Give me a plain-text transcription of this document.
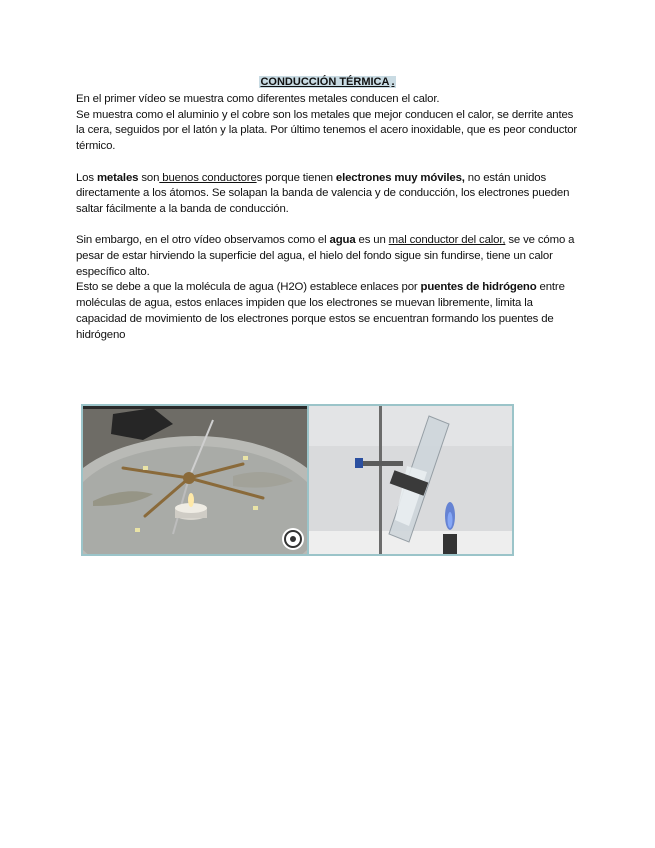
CONDUCCIÓN TÉRMICA .

En el primer vídeo se muestra como diferentes metales conducen el calor.

Se muestra como el aluminio y el cobre son los metales que mejor conducen el calor, se derrite antes la cera, seguidos por el latón y la plata. Por último tenemos el acero inoxidable, que es peor conductor térmico.

Los metales son buenos conductores porque tienen electrones muy móviles, no están unidos directamente a los átomos. Se solapan la banda de valencia y de conducción, los electrones pueden saltar fácilmente a la banda de conducción.

Sin embargo, en el otro vídeo observamos como el agua es un mal conductor del calor, se ve cómo a pesar de estar hirviendo la superficie del agua, el hielo del fondo sigue sin fundirse, tiene un calor específico alto.

Esto se debe a que la molécula de agua (H2O) establece enlaces por puentes de hidrógeno entre moléculas de agua, estos enlaces impiden que los electrones se muevan libremente, limita la capacidad de movimiento de los electrones porque estos se encuentran formando los puentes de hidrógeno
